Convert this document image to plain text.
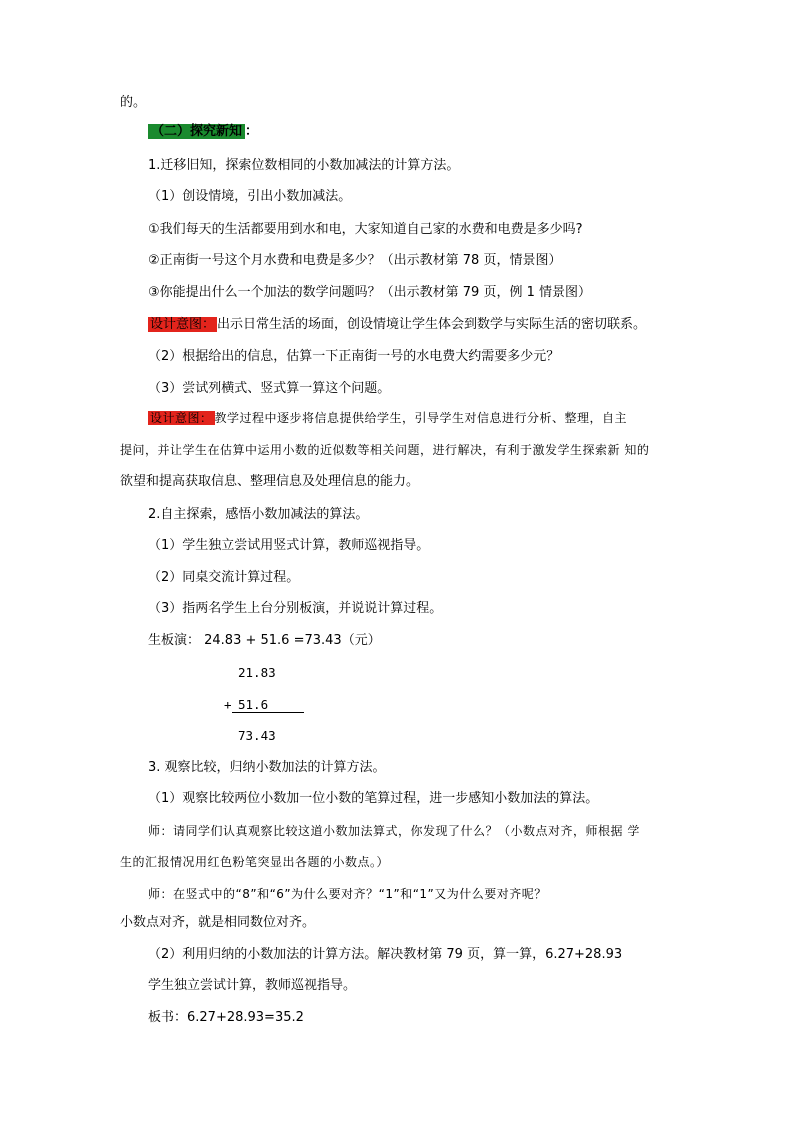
的。
（二）探究新知 ：
1.迁移旧知，探索位数相同的小数加减法的计算方法。
（1）创设情境，引出小数加减法。
①我们每天的生活都要用到水和电，大家知道自己家的水费和电费是多少吗?
②正南街一号这个月水费和电费是多少？（出示教材第 78 页，情景图）
③你能提出什么一个加法的数学问题吗？（出示教材第 79 页，例 1 情景图）
设计意图： 出示日常生活的场面，创设情境让学生体会到数学与实际生活的密切联系。
（2）根据给出的信息，估算一下正南街一号的水电费大约需要多少元？
（3）尝试列横式、竖式算一算这个问题。
设计意图： 教学过程中逐步将信息提供给学生，引导学生对信息进行分析、整理，自主
提问，并让学生在估算中运用小数的近似数等相关问题，进行解决，有利于激发学生探索新 知的
欲望和提高获取信息、整理信息及处理信息的能力。
2.自主探索，感悟小数加减法的算法。
（1）学生独立尝试用竖式计算，教师巡视指导。
（2）同桌交流计算过程。
（3）指两名学生上台分别板演，并说说计算过程。
生板演： 24.83 + 51.6 =73.43（元）
21.83
+ 51.6
73.43
3. 观察比较，归纳小数加法的计算方法。
（1）观察比较两位小数加一位小数的笔算过程，进一步感知小数加法的算法。
师：请同学们认真观察比较这道小数加法算式，你发现了什么？（小数点对齐，师根据 学
生的汇报情况用红色粉笔突显出各题的小数点。）
师：在竖式中的“8”和“6”为什么要对齐？“1”和“1”又为什么要对齐呢？
小数点对齐，就是相同数位对齐。
（2）利用归纳的小数加法的计算方法。解决教材第 79 页，算一算，6.27+28.93
学生独立尝试计算，教师巡视指导。
板书：6.27+28.93=35.2
